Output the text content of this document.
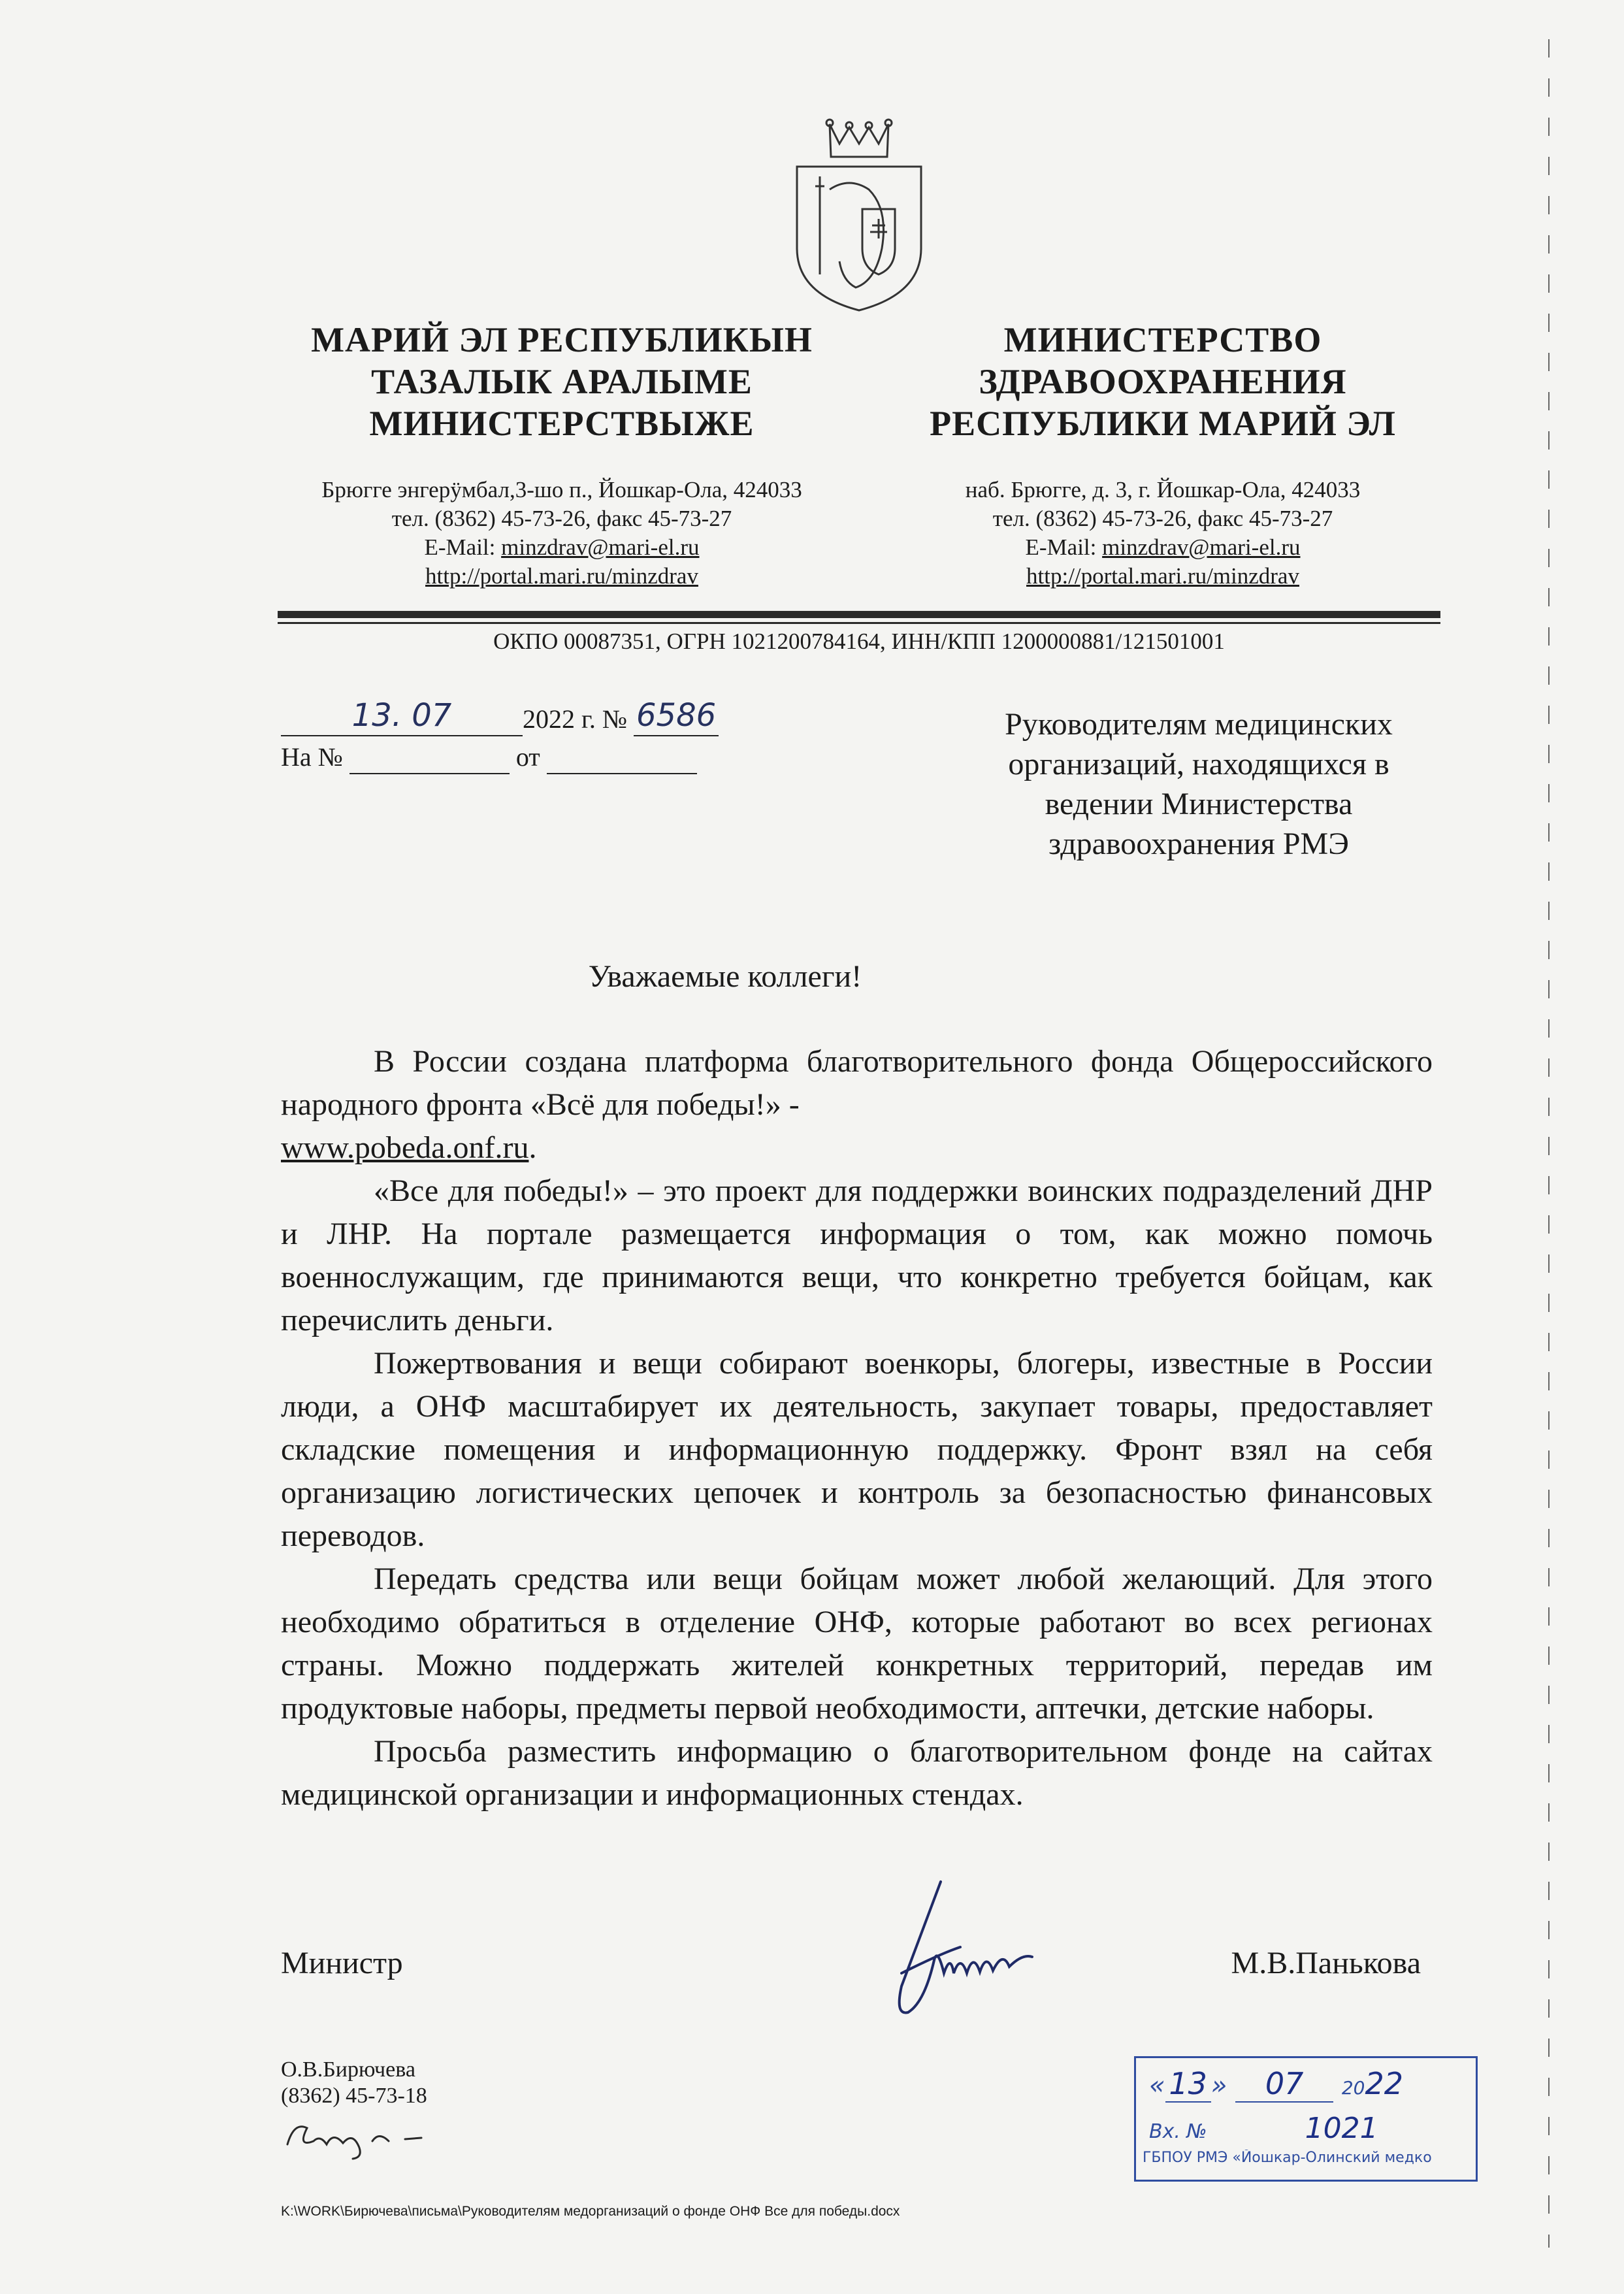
МАРИЙ ЭЛ РЕСПУБЛИКЫН
ТАЗАЛЫК АРАЛЫМЕ
МИНИСТЕРСТВЫЖЕ
МИНИСТЕРСТВО
ЗДРАВООХРАНЕНИЯ
РЕСПУБЛИКИ МАРИЙ ЭЛ
Брюгге энгерӱмбал,3-шо п., Йошкар-Ола, 424033
тел. (8362) 45-73-26, факс 45-73-27
E-Mail: minzdrav@mari-el.ru
http://portal.mari.ru/minzdrav
наб. Брюгге, д. 3, г. Йошкар-Ола, 424033
тел. (8362) 45-73-26, факс 45-73-27
E-Mail: minzdrav@mari-el.ru
http://portal.mari.ru/minzdrav
ОКПО 00087351, ОГРН 1021200784164, ИНН/КПП 1200000881/121501001
13. 07	2022 г. № 6586
На №	от
Руководителям медицинских
организаций, находящихся в
ведении Министерства
здравоохранения РМЭ
Уважаемые коллеги!

В России создана платформа благотворительного фонда Общероссийского народного фронта «Всё для победы!» -
www.pobeda.onf.ru.

«Все для победы!» – это проект для поддержки воинских подразделений ДНР и ЛНР. На портале размещается информация о том, как можно помочь военнослужащим, где принимаются вещи, что конкретно требуется бойцам, как перечислить деньги.

Пожертвования и вещи собирают военкоры, блогеры, известные в России люди, а ОНФ масштабирует их деятельность, закупает товары, предоставляет складские помещения и информационную поддержку. Фронт взял на себя организацию логистических цепочек и контроль за безопасностью финансовых переводов.

Передать средства или вещи бойцам может любой желающий. Для этого необходимо обратиться в отделение ОНФ, которые работают во всех регионах страны. Можно поддержать жителей конкретных территорий, передав им продуктовые наборы, предметы первой необходимости, аптечки, детские наборы.

Просьба разместить информацию о благотворительном фонде на сайтах медицинской организации и информационных стендах.

Министр	М.В.Панькова
О.В.Бирючева
(8362) 45-73-18	« 13 » 07 2022
Вх. №	1021
ГБПОУ РМЭ «Йошкар-Олинский медко
K:\WORK\Бирючева\письма\Руководителям медорганизаций о фонде ОНФ Все для победы.docx
